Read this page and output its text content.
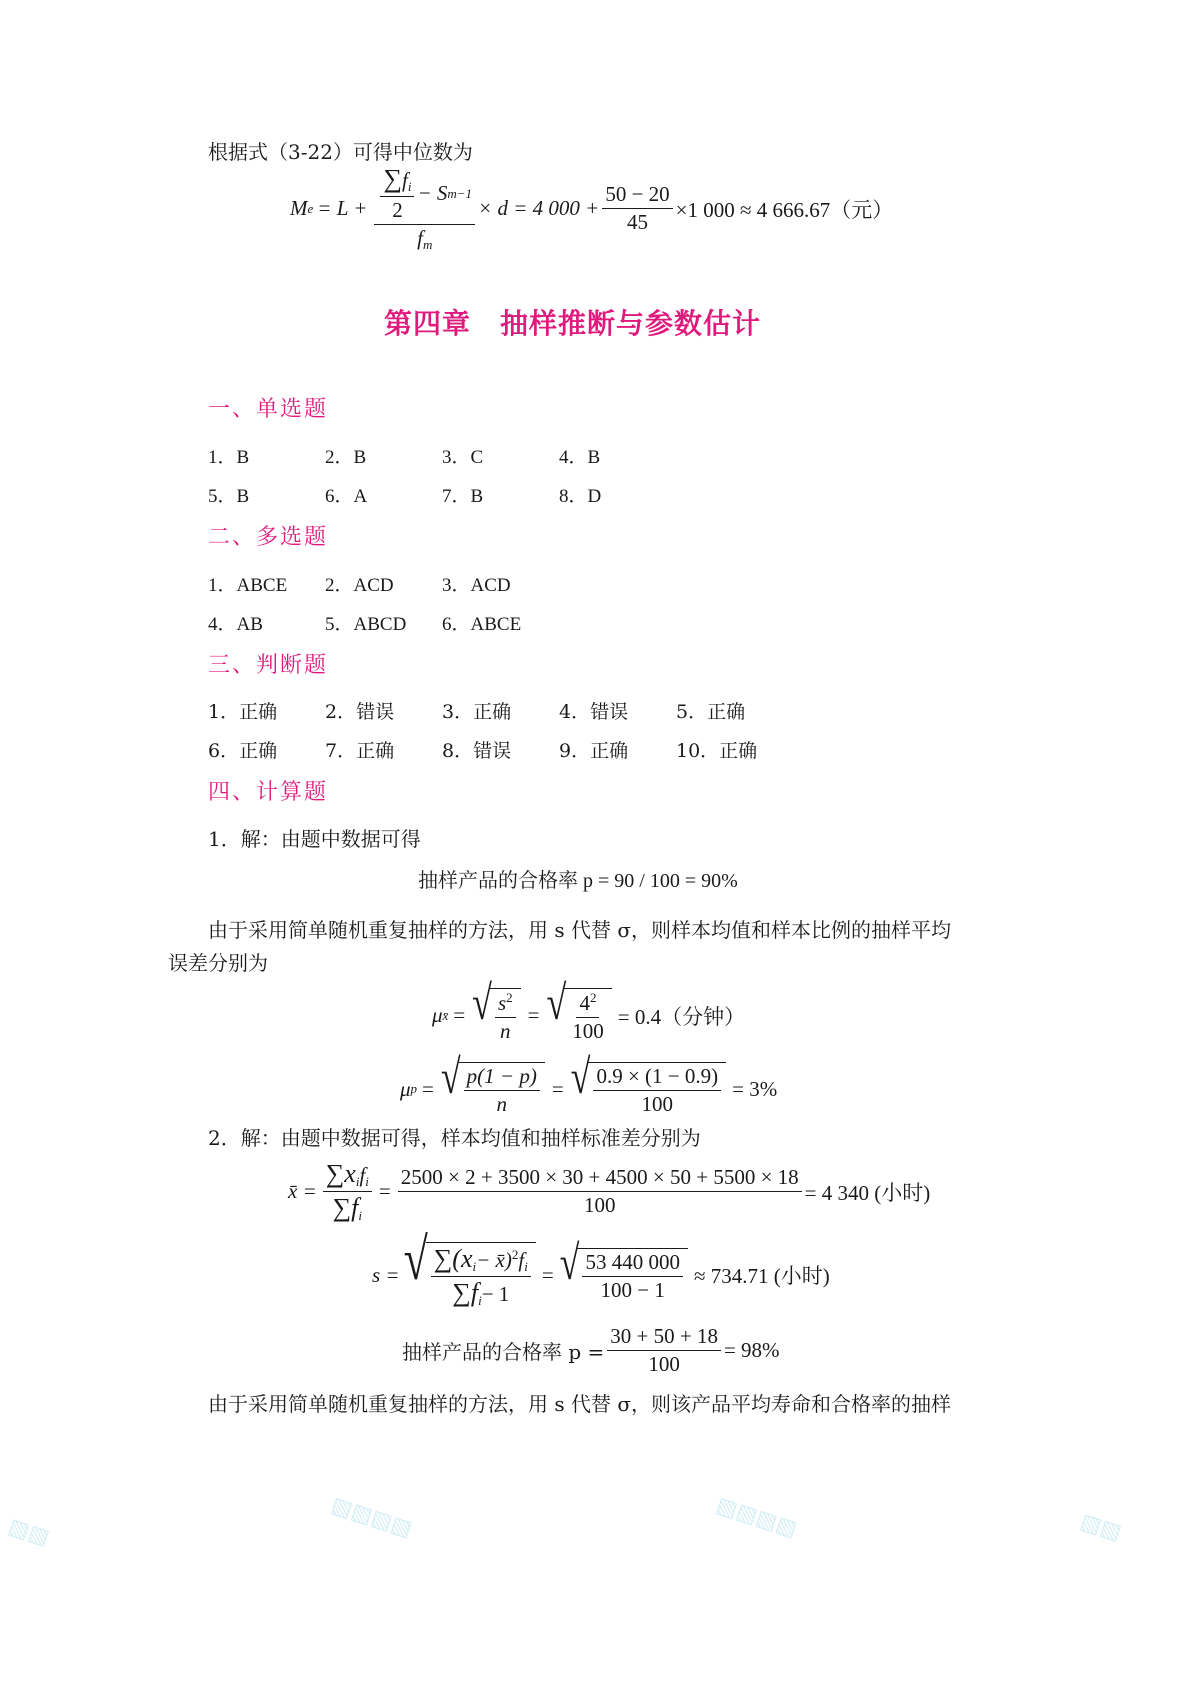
根据式（3-22）可得中位数为
M $e = L + \frac{\frac{\sum f_i}{2} - S m-1}{f_m} \times d = 4$ $000 + \frac{50 - 20}{45} \times 1$ 000 ≈ 4 666.67（元）
第四章　抽样推断与参数估计
一、单选题
1．B	2．B	3．C	4．B
5．B	6．A	7．B	8．D
二、多选题
1．ABCE	2．ACD	3．ACD
4．AB	5．ABCD	6．ABCE
三、判断题
1．正确	2．错误	3．正确	4．错误	5．正确
6．正确	7．正确	8．错误	9．正确	10．正确
四、计算题
1．解：由题中数据可得
抽样产品的合格率 p = 90 / 100 = 90%
由于采用简单随机重复抽样的方法，用 s 代替 σ，则样本均值和样本比例的抽样平均
误差分别为
μ x̄ = √ $\frac{s^2}{n}$ = √ $\frac{4^2}{100} = 0.4$（分钟）
μ p = √ $\frac{p(1 - p)}{n}$ = √ $\frac{0.9 \times (1 - 0.9)}{100} = 3\%$
2．解：由题中数据可得，样本均值和抽样标准差分别为
x̄ = $\frac{\sum x_if_i}{\sum f_i} = \frac{2500 \times 2 + 3500 \times 30 + 4500 \times 50 + 5500 \times 18}{100} = 4$ 340 (小时)
s = √ $\frac{\sum(x_i- x̄)^2f_i}{\sum f_i- 1}$ = √ $\frac{53 440 000}{100 - 1} \approx 734.71$ (小时)
抽样产品的合格率 $p = \frac{30 + 50 + 18}{100} = 98\%$
由于采用简单随机重复抽样的方法，用 s 代替 σ，则该产品平均寿命和合格率的抽样
▧▧	▧▧▧▧	▧▧▧▧	▧▧
